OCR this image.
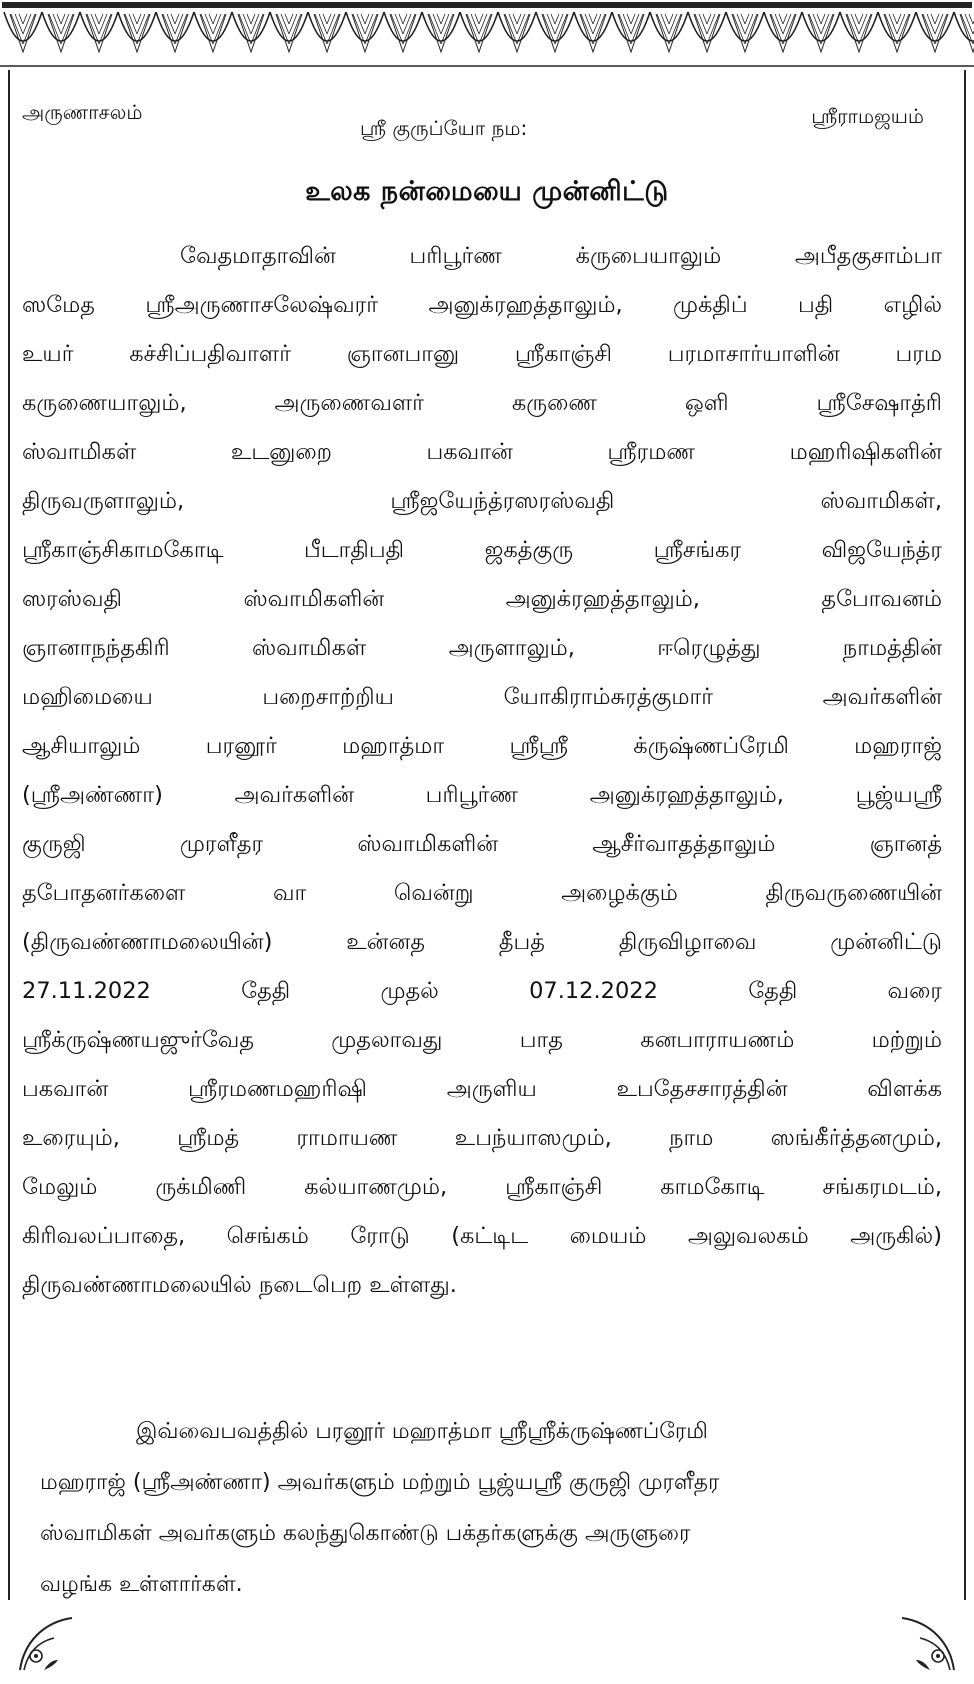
அருணாசலம்
ஸ்ரீ குருப்யோ நம:	ஸ்ரீராமஜயம்
உலக நன்மையை முன்னிட்டு
வேதமாதாவின் பரிபூர்ண க்ருபையாலும் அபீதகுசாம்பா
ஸமேத ஸ்ரீஅருணாசலேஷ்வரர் அனுக்ரஹத்தாலும், முக்திப் பதி எழில்
உயர் கச்சிப்பதிவாளர் ஞானபானு ஸ்ரீகாஞ்சி பரமாசார்யாளின் பரம
கருணையாலும், அருணைவளர் கருணை ஒளி ஸ்ரீசேஷாத்ரி
ஸ்வாமிகள் உடனுறை பகவான் ஸ்ரீரமண மஹரிஷிகளின்
திருவருளாலும், ஸ்ரீஜயேந்த்ரஸரஸ்வதி ஸ்வாமிகள்,
ஸ்ரீகாஞ்சிகாமகோடி பீடாதிபதி ஜகத்குரு ஸ்ரீசங்கர விஜயேந்த்ர
ஸரஸ்வதி ஸ்வாமிகளின் அனுக்ரஹத்தாலும், தபோவனம்
ஞானாநந்தகிரி ஸ்வாமிகள் அருளாலும், ஈரெழுத்து நாமத்தின்
மஹிமையை பறைசாற்றிய யோகிராம்சுரத்குமார் அவர்களின்
ஆசியாலும் பரனூர் மஹாத்மா ஸ்ரீஸ்ரீ க்ருஷ்ணப்ரேமி மஹராஜ்
(ஸ்ரீஅண்ணா) அவர்களின் பரிபூர்ண அனுக்ரஹத்தாலும், பூஜ்யஸ்ரீ
குருஜி முரளீதர ஸ்வாமிகளின் ஆசீர்வாதத்தாலும் ஞானத்
தபோதனர்களை வா வென்று அழைக்கும் திருவருணையின்
(திருவண்ணாமலையின்) உன்னத தீபத் திருவிழாவை முன்னிட்டு
27.11.2022 தேதி முதல் 07.12.2022 தேதி வரை
ஸ்ரீக்ருஷ்ணயஜுர்வேத முதலாவது பாத கனபாராயணம் மற்றும்
பகவான் ஸ்ரீரமணமஹரிஷி அருளிய உபதேசசாரத்தின் விளக்க
உரையும், ஸ்ரீமத் ராமாயண உபந்யாஸமும், நாம ஸங்கீர்த்தனமும்,
மேலும் ருக்மிணி கல்யாணமும், ஸ்ரீகாஞ்சி காமகோடி சங்கரமடம்,
கிரிவலப்பாதை, செங்கம் ரோடு (கட்டிட மையம் அலுவலகம் அருகில்)
திருவண்ணாமலையில் நடைபெற உள்ளது.
இவ்வைபவத்தில் பரனூர் மஹாத்மா ஸ்ரீஸ்ரீக்ருஷ்ணப்ரேமி
மஹராஜ் (ஸ்ரீஅண்ணா) அவர்களும் மற்றும் பூஜ்யஸ்ரீ குருஜி முரளீதர
ஸ்வாமிகள் அவர்களும் கலந்துகொண்டு பக்தர்களுக்கு அருளுரை
வழங்க உள்ளார்கள்.
